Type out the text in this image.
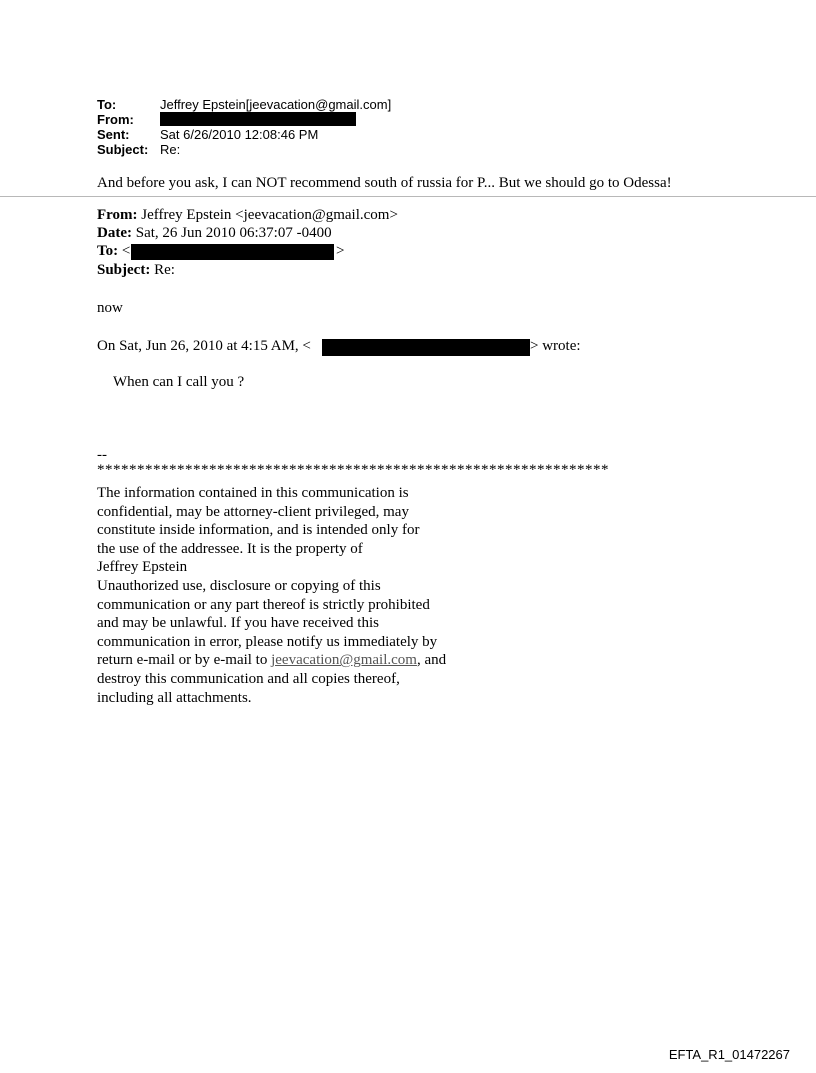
To:	Jeffrey Epstein[jeevacation@gmail.com]
From:
Sent: Sat 6/26/2010 12:08:46 PM
Subject: Re:
And before you ask, I can NOT recommend south of russia for P... But we should go to Odessa!
From: Jeffrey Epstein <jeevacation@gmail.com>
Date: Sat, 26 Jun 2010 06:37:07 -0400
To: <	>
Subject: Re:
now
On Sat, Jun 26, 2010 at 4:15 AM, <	> wrote:
When can I call you ?
--
****************************************************************
The information contained in this communication is
confidential, may be attorney-client privileged, may
constitute inside information, and is intended only for
the use of the addressee. It is the property of
Jeffrey Epstein
Unauthorized use, disclosure or copying of this
communication or any part thereof is strictly prohibited
and may be unlawful. If you have received this
communication in error, please notify us immediately by
return e-mail or by e-mail to jeevacation@gmail.com, and
destroy this communication and all copies thereof,
including all attachments.
EFTA_R1_01472267
